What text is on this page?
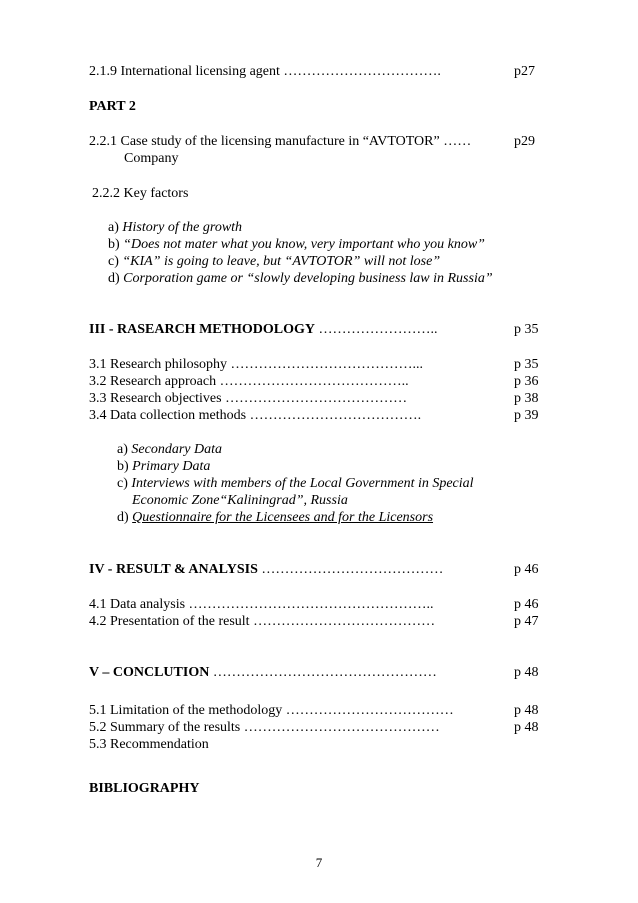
2.1.9 International licensing agent …………………………….	p27
PART 2
2.2.1 Case study of the licensing manufacture in “AVTOTOR” ……	p29
Company
2.2.2 Key factors
a) History of the growth
b) “Does not mater what you know, very important who you know”
c) “KIA” is going to leave, but “AVTOTOR” will not lose”
d) Corporation game or “slowly developing business law in Russia”
III - RASEARCH METHODOLOGY ……………………..	p 35
3.1 Research philosophy …………………………………...	p 35
3.2 Research approach …………………………………..	p 36
3.3 Research objectives …………………………………	p 38
3.4 Data collection methods ……………………………….	p 39
a) Secondary Data
b) Primary Data
c) Interviews with members of the Local Government in Special
Economic Zone“Kaliningrad”, Russia
d) Questionnaire for the Licensees and for the Licensors
IV - RESULT & ANALYSIS …………………………………	p 46
4.1 Data analysis ……………………………………………..	p 46
4.2 Presentation of the result …………………………………	p 47
V – CONCLUTION …………………………………………	p 48
5.1 Limitation of the methodology ………………………………	p 48
5.2 Summary of the results ……………………………………	p 48
5.3 Recommendation
BIBLIOGRAPHY
7
